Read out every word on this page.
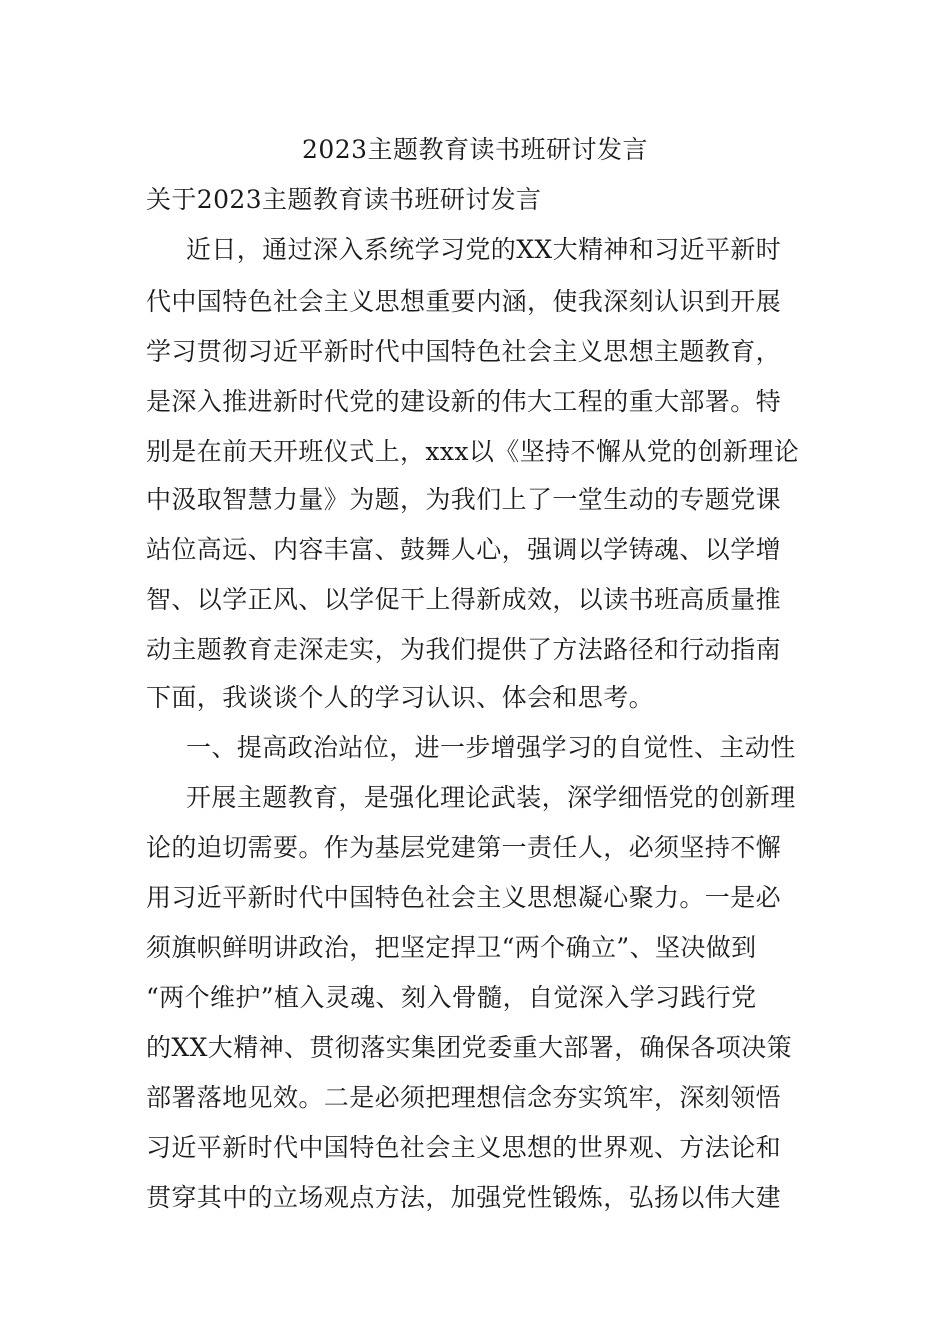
2023主题教育读书班研讨发言
关于2023主题教育读书班研讨发言
近日，通过深入系统学习党的XX大精神和习近平新时
代中国特色社会主义思想重要内涵，使我深刻认识到开展
学习贯彻习近平新时代中国特色社会主义思想主题教育，
是深入推进新时代党的建设新的伟大工程的重大部署。特
别是在前天开班仪式上，xxx以《坚持不懈从党的创新理论
中汲取智慧力量》为题，为我们上了一堂生动的专题党课
站位高远、内容丰富、鼓舞人心，强调以学铸魂、以学增
智、以学正风、以学促干上得新成效，以读书班高质量推
动主题教育走深走实，为我们提供了方法路径和行动指南
下面，我谈谈个人的学习认识、体会和思考。
一、提高政治站位，进一步增强学习的自觉性、主动性
开展主题教育，是强化理论武装，深学细悟党的创新理
论的迫切需要。作为基层党建第一责任人，必须坚持不懈
用习近平新时代中国特色社会主义思想凝心聚力。一是必
须旗帜鲜明讲政治，把坚定捍卫“两个确立”、坚决做到
“两个维护”植入灵魂、刻入骨髓，自觉深入学习践行党
的XX大精神、贯彻落实集团党委重大部署，确保各项决策
部署落地见效。二是必须把理想信念夯实筑牢，深刻领悟
习近平新时代中国特色社会主义思想的世界观、方法论和
贯穿其中的立场观点方法，加强党性锻炼，弘扬以伟大建
